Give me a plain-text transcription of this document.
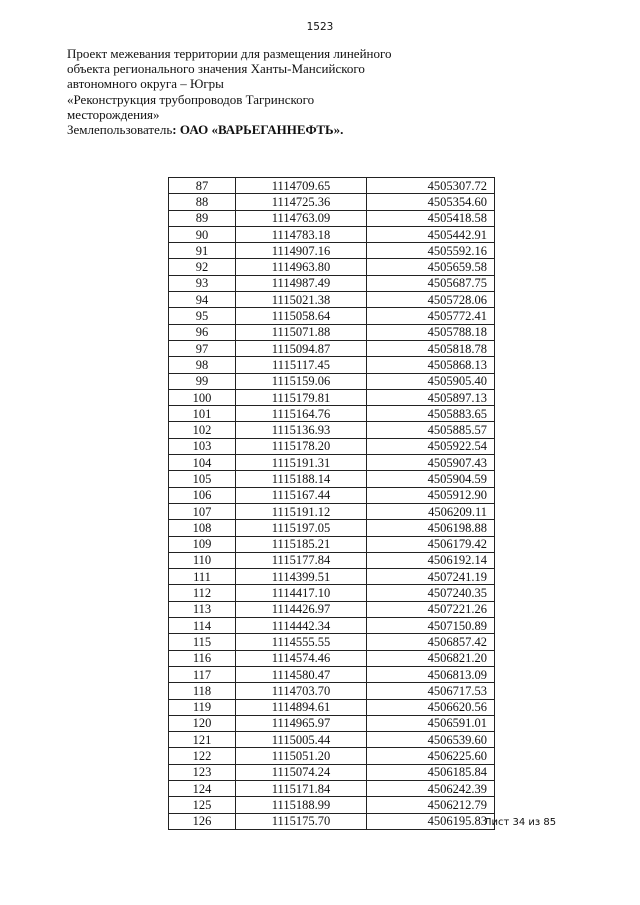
1523
Проект межевания территории для размещения линейного
объекта регионального значения Ханты-Мансийского
автономного округа – Югры
«Реконструкция трубопроводов Тагринского
месторождения»
Землепользователь: ОАО «ВАРЬЕГАННЕФТЬ».
87	1114709.65	4505307.72
88	1114725.36	4505354.60
89	1114763.09	4505418.58
90	1114783.18	4505442.91
91	1114907.16	4505592.16
92	1114963.80	4505659.58
93	1114987.49	4505687.75
94	1115021.38	4505728.06
95	1115058.64	4505772.41
96	1115071.88	4505788.18
97	1115094.87	4505818.78
98	1115117.45	4505868.13
99	1115159.06	4505905.40
100	1115179.81	4505897.13
101	1115164.76	4505883.65
102	1115136.93	4505885.57
103	1115178.20	4505922.54
104	1115191.31	4505907.43
105	1115188.14	4505904.59
106	1115167.44	4505912.90
107	1115191.12	4506209.11
108	1115197.05	4506198.88
109	1115185.21	4506179.42
110	1115177.84	4506192.14
111	1114399.51	4507241.19
112	1114417.10	4507240.35
113	1114426.97	4507221.26
114	1114442.34	4507150.89
115	1114555.55	4506857.42
116	1114574.46	4506821.20
117	1114580.47	4506813.09
118	1114703.70	4506717.53
119	1114894.61	4506620.56
120	1114965.97	4506591.01
121	1115005.44	4506539.60
122	1115051.20	4506225.60
123	1115074.24	4506185.84
124	1115171.84	4506242.39
125	1115188.99	4506212.79
126	1115175.70	4506195.83
Лист 34 из 85
